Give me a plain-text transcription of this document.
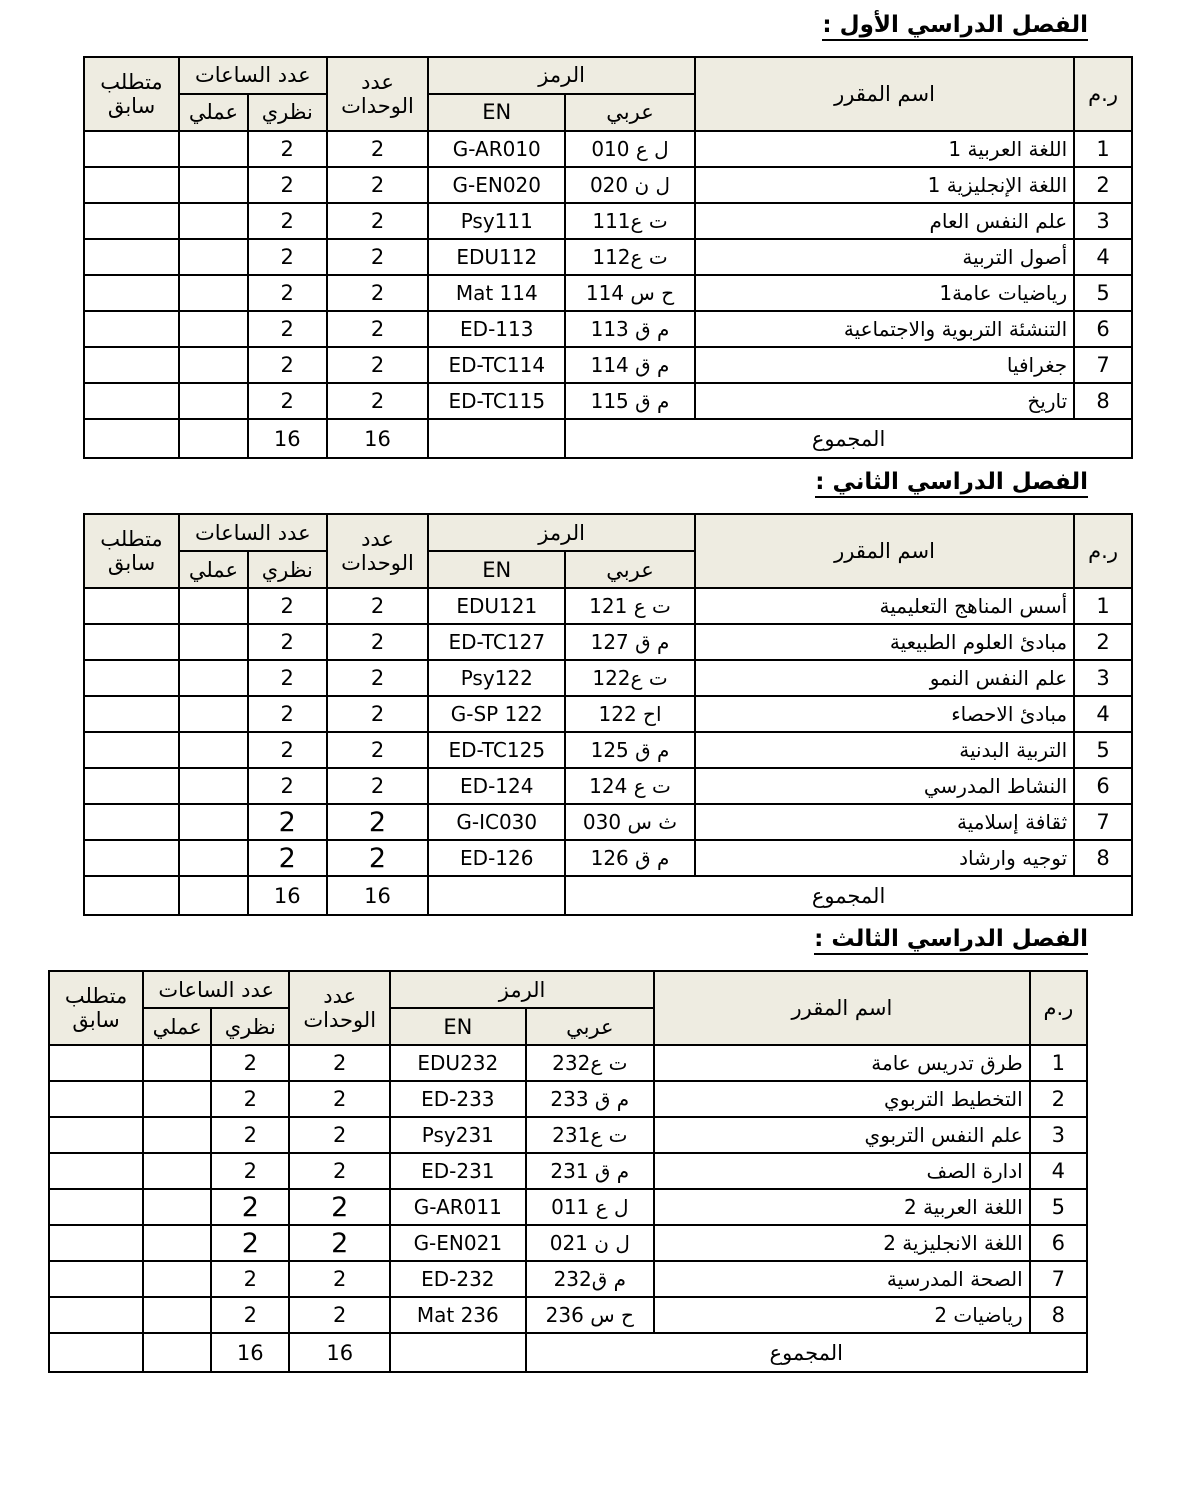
الفصل الدراسي الأول :
ر.م	اسم المقرر	الرمز		عدد الوحدات	عدد الساعات		متطلب سابق
		عربي	EN		نظري	عملي	
1	اللغة العربية 1	ل ع 010	G-AR010	2	2		
2	اللغة الإنجليزية 1	ل ن 020	G-EN020	2	2		
3	علم النفس العام	ت ع111	Psy111	2	2		
4	أصول التربية	ت ع112	EDU112	2	2		
5	رياضيات عامة1	ح س 114	Mat 114	2	2		
6	التنشئة التربوية والاجتماعية	م ق 113	ED-113	2	2		
7	جغرافيا	م ق 114	ED-TC114	2	2		
8	تاريخ	م ق 115	ED-TC115	2	2		
المجموع				16	16		
الفصل الدراسي الثاني :
ر.م	اسم المقرر	الرمز		عدد الوحدات	عدد الساعات		متطلب سابق
		عربي	EN		نظري	عملي	
1	أسس المناهج التعليمية	ت ع 121	EDU121	2	2		
2	مبادئ العلوم الطبيعية	م ق 127	ED-TC127	2	2		
3	علم النفس النمو	ت ع122	Psy122	2	2		
4	مبادئ الاحصاء	اح 122	G-SP 122	2	2		
5	التربية البدنية	م ق 125	ED-TC125	2	2		
6	النشاط المدرسي	ت ع 124	ED-124	2	2		
7	ثقافة إسلامية	ث س 030	G-IC030	2	2		
8	توجيه وارشاد	م ق 126	ED-126	2	2		
المجموع				16	16		
الفصل الدراسي الثالث :
ر.م	اسم المقرر	الرمز		عدد الوحدات	عدد الساعات		متطلب سابق
		عربي	EN		نظري	عملي	
1	طرق تدريس عامة	ت ع232	EDU232	2	2		
2	التخطيط التربوي	م ق 233	ED-233	2	2		
3	علم النفس التربوي	ت ع231	Psy231	2	2		
4	ادارة الصف	م ق 231	ED-231	2	2		
5	اللغة العربية 2	ل ع 011	G-AR011	2	2		
6	اللغة الانجليزية 2	ل ن 021	G-EN021	2	2		
7	الصحة المدرسية	م ق232	ED-232	2	2		
8	رياضيات 2	ح س 236	Mat 236	2	2		
المجموع				16	16		
